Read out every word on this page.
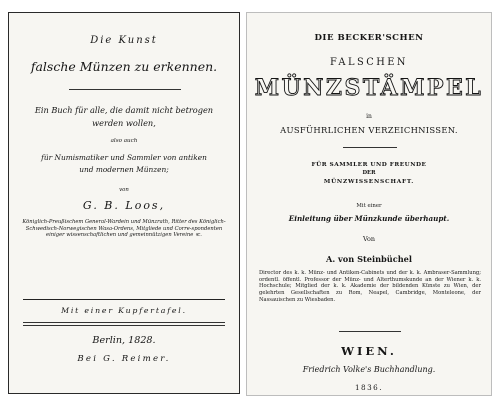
Die Kunst
falsche Münzen zu erkennen.
Ein Buch für alle, die damit nicht betrogen
werden wollen,
also auch
für Numismatiker und Sammler von antiken
und modernen Münzen;
von
G. B. Loos,
Königlich-Preußischem General-Wardein und Münzrath, Ritter des Königlich-Schwedisch-Norwegischen Wasa-Ordens, Mitgliede und Corre-spondenten einiger wissenschaftlichen und gemeinnützigen Vereine ꝛc.
Mit einer Kupfertafel.
Berlin, 1828.
Bei G. Reimer.
DIE BECKER'SCHEN
FALSCHEN
MÜNZSTÄMPEL
in
AUSFÜHRLICHEN VERZEICHNISSEN.
FÜR SAMMLER UND FREUNDE
DER
MÜNZWISSENSCHAFT.
Mit einer
Einleitung über Münzkunde überhaupt.
Von
A. von Steinbüchel
Director des k. k. Münz- und Antiken-Cabinets und der k. k. Ambraser-Sammlung; ordentl. öffentl. Professor der Münz- und Alterthumskunde an der Wiener k. k. Hochschule; Mitglied der k. k. Akademie der bildenden Künste zu Wien, der gelehrten Gesellschaften zu Rom, Neapel, Cambridge, Monteleone, der Nassauischen zu Wiesbaden.
WIEN.
Friedrich Volke's Buchhandlung.
1836.
